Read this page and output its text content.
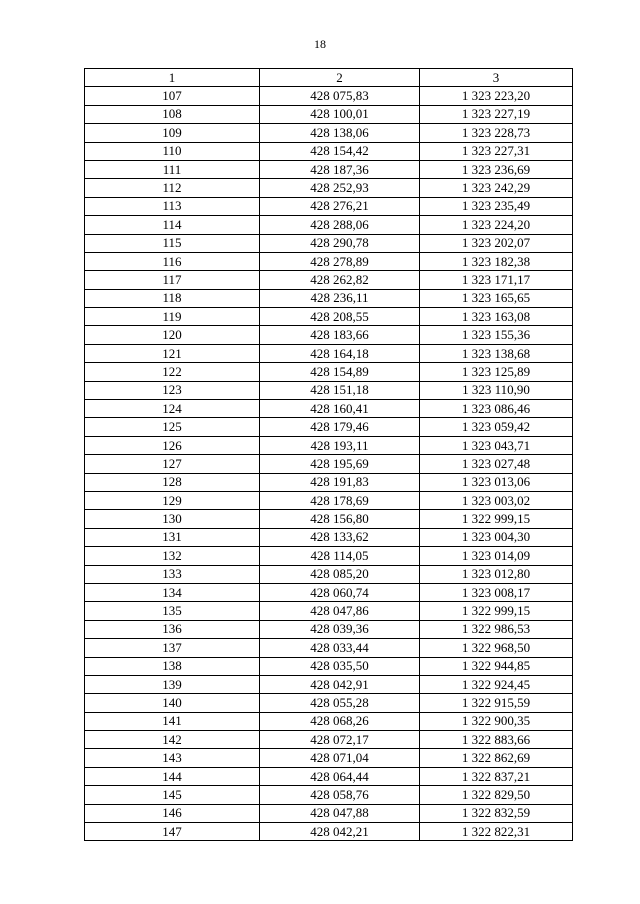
18
1	2	3
107	428 075,83	1 323 223,20
108	428 100,01	1 323 227,19
109	428 138,06	1 323 228,73
110	428 154,42	1 323 227,31
111	428 187,36	1 323 236,69
112	428 252,93	1 323 242,29
113	428 276,21	1 323 235,49
114	428 288,06	1 323 224,20
115	428 290,78	1 323 202,07
116	428 278,89	1 323 182,38
117	428 262,82	1 323 171,17
118	428 236,11	1 323 165,65
119	428 208,55	1 323 163,08
120	428 183,66	1 323 155,36
121	428 164,18	1 323 138,68
122	428 154,89	1 323 125,89
123	428 151,18	1 323 110,90
124	428 160,41	1 323 086,46
125	428 179,46	1 323 059,42
126	428 193,11	1 323 043,71
127	428 195,69	1 323 027,48
128	428 191,83	1 323 013,06
129	428 178,69	1 323 003,02
130	428 156,80	1 322 999,15
131	428 133,62	1 323 004,30
132	428 114,05	1 323 014,09
133	428 085,20	1 323 012,80
134	428 060,74	1 323 008,17
135	428 047,86	1 322 999,15
136	428 039,36	1 322 986,53
137	428 033,44	1 322 968,50
138	428 035,50	1 322 944,85
139	428 042,91	1 322 924,45
140	428 055,28	1 322 915,59
141	428 068,26	1 322 900,35
142	428 072,17	1 322 883,66
143	428 071,04	1 322 862,69
144	428 064,44	1 322 837,21
145	428 058,76	1 322 829,50
146	428 047,88	1 322 832,59
147	428 042,21	1 322 822,31
